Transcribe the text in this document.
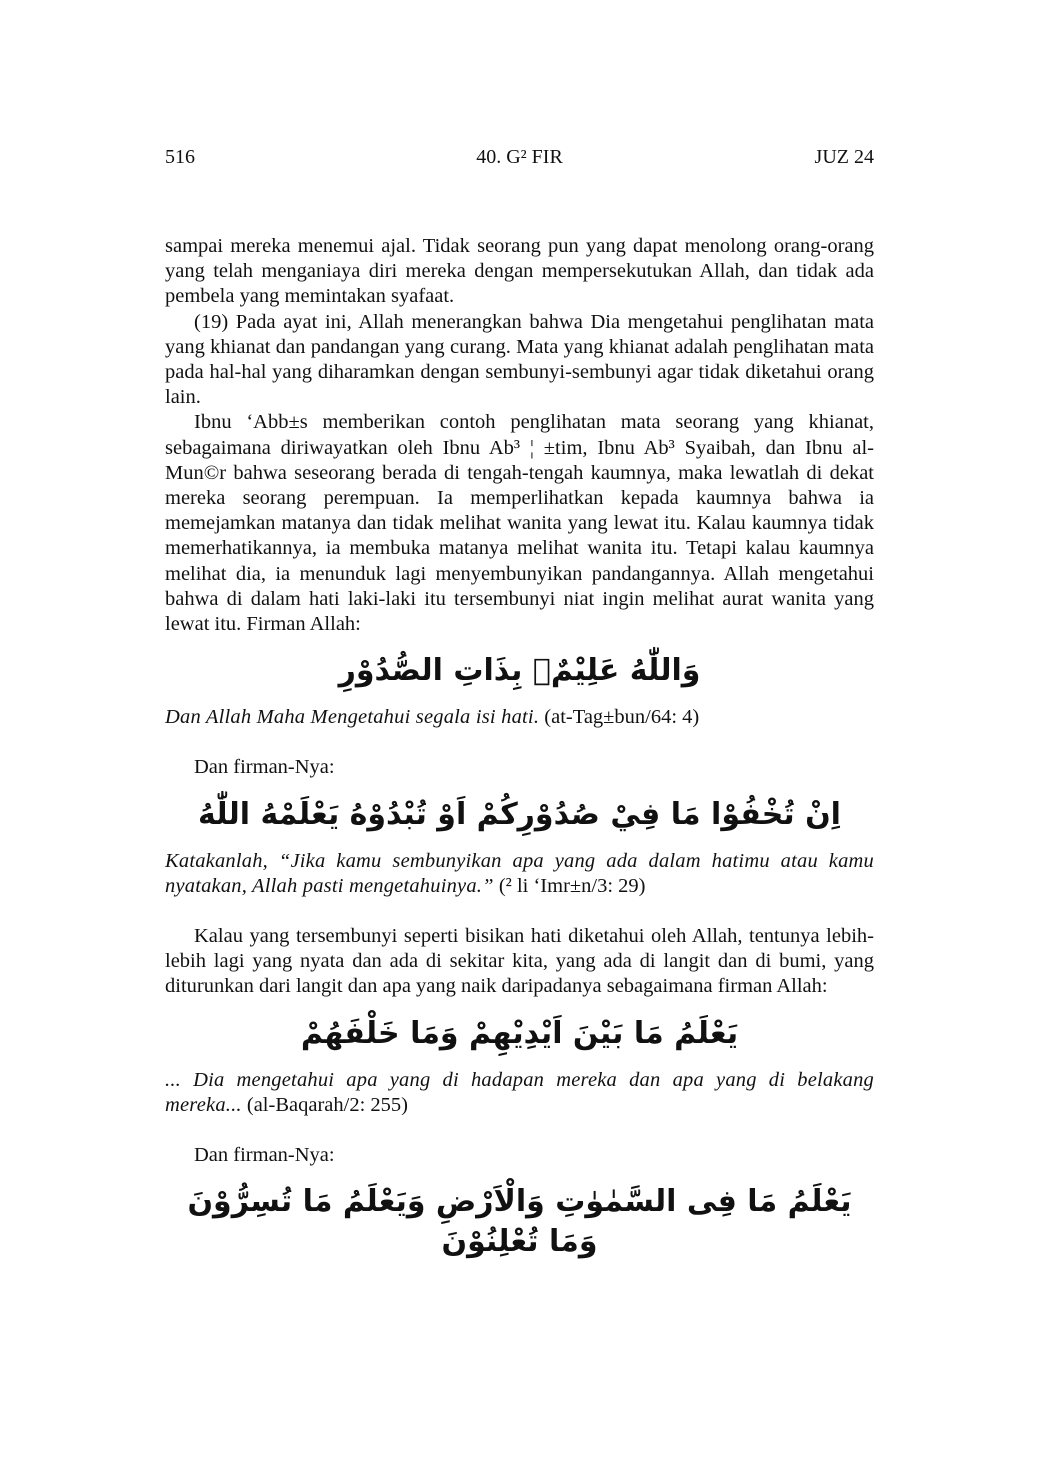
516	40. G² FIR	JUZ 24

sampai mereka menemui ajal. Tidak seorang pun yang dapat menolong orang-orang yang telah menganiaya diri mereka dengan mempersekutukan Allah, dan tidak ada pembela yang memintakan syafaat.

(19) Pada ayat ini, Allah menerangkan bahwa Dia mengetahui penglihatan mata yang khianat dan pandangan yang curang. Mata yang khianat adalah penglihatan mata pada hal-hal yang diharamkan dengan sembunyi-sembunyi agar tidak diketahui orang lain.

Ibnu ‘Abb±s memberikan contoh penglihatan mata seorang yang khianat, sebagaimana diriwayatkan oleh Ibnu Ab³ ¦ ±tim, Ibnu Ab³ Syaibah, dan Ibnu al-Mun©r bahwa seseorang berada di tengah-tengah kaumnya, maka lewatlah di dekat mereka seorang perempuan. Ia memperlihatkan kepada kaumnya bahwa ia memejamkan matanya dan tidak melihat wanita yang lewat itu. Kalau kaumnya tidak memerhatikannya, ia membuka matanya melihat wanita itu. Tetapi kalau kaumnya melihat dia, ia menunduk lagi menyembunyikan pandangannya. Allah mengetahui bahwa di dalam hati laki-laki itu tersembunyi niat ingin melihat aurat wanita yang lewat itu. Firman Allah:

وَاللّٰهُ عَلِيْمٌۢ بِذَاتِ الصُّدُوْرِ

Dan Allah Maha Mengetahui segala isi hati. (at-Tag±bun/64: 4)

Dan firman-Nya:

اِنْ تُخْفُوْا مَا فِيْ صُدُوْرِكُمْ اَوْ تُبْدُوْهُ يَعْلَمْهُ اللّٰهُ

Katakanlah, “Jika kamu sembunyikan apa yang ada dalam hatimu atau kamu nyatakan, Allah pasti mengetahuinya.” (² li ‘Imr±n/3: 29)

Kalau yang tersembunyi seperti bisikan hati diketahui oleh Allah, tentunya lebih-lebih lagi yang nyata dan ada di sekitar kita, yang ada di langit dan di bumi, yang diturunkan dari langit dan apa yang naik daripadanya sebagaimana firman Allah:

يَعْلَمُ مَا بَيْنَ اَيْدِيْهِمْ وَمَا خَلْفَهُمْ

... Dia mengetahui apa yang di hadapan mereka dan apa yang di belakang mereka... (al-Baqarah/2: 255)

Dan firman-Nya:

يَعْلَمُ مَا فِى السَّمٰوٰتِ وَالْاَرْضِ وَيَعْلَمُ مَا تُسِرُّوْنَ وَمَا تُعْلِنُوْنَ
